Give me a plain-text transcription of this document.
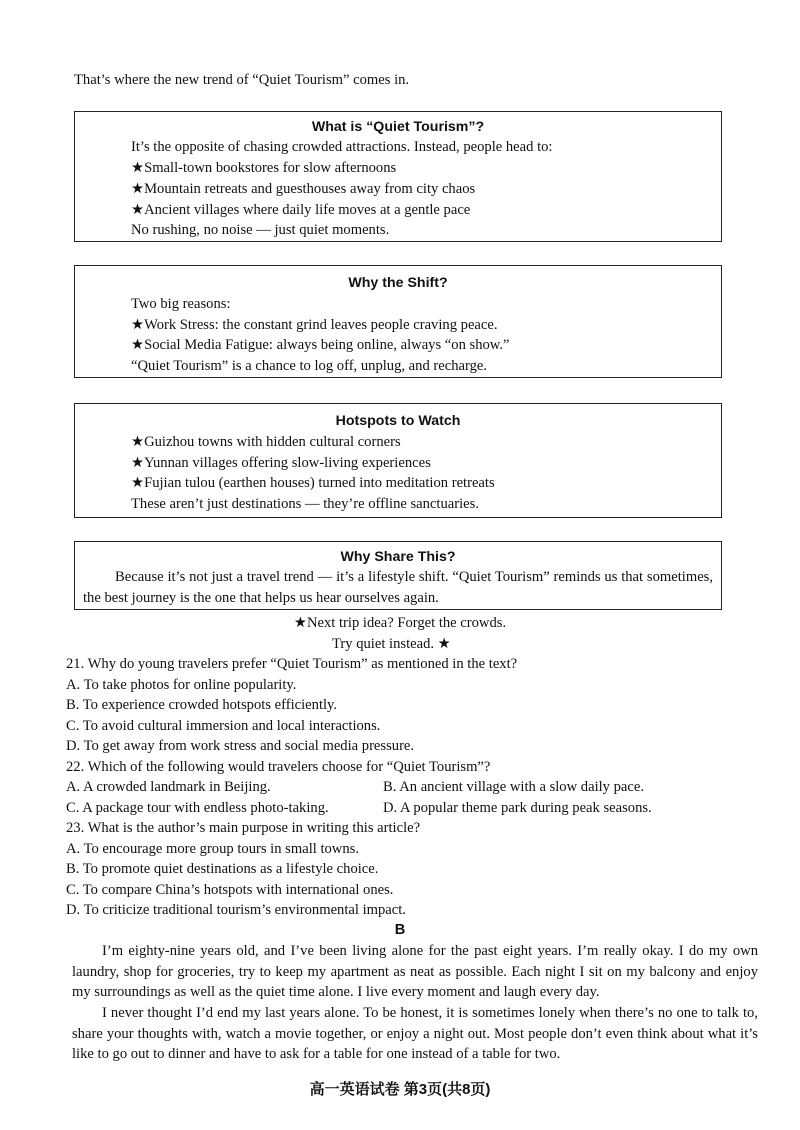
That’s where the new trend of “Quiet Tourism” comes in.
What is “Quiet Tourism”?
It’s the opposite of chasing crowded attractions. Instead, people head to:
★Small-town bookstores for slow afternoons
★Mountain retreats and guesthouses away from city chaos
★Ancient villages where daily life moves at a gentle pace
No rushing, no noise — just quiet moments.
Why the Shift?
Two big reasons:
★Work Stress: the constant grind leaves people craving peace.
★Social Media Fatigue: always being online, always “on show.”
“Quiet Tourism” is a chance to log off, unplug, and recharge.
Hotspots to Watch
★Guizhou towns with hidden cultural corners
★Yunnan villages offering slow-living experiences
★Fujian tulou (earthen houses) turned into meditation retreats
These aren’t just destinations — they’re offline sanctuaries.
Why Share This?
Because it’s not just a travel trend — it’s a lifestyle shift. “Quiet Tourism” reminds us that sometimes, the best journey is the one that helps us hear ourselves again.
★Next trip idea? Forget the crowds.
Try quiet instead. ★
21. Why do young travelers prefer “Quiet Tourism” as mentioned in the text?
A. To take photos for online popularity.
B. To experience crowded hotspots efficiently.
C. To avoid cultural immersion and local interactions.
D. To get away from work stress and social media pressure.
22. Which of the following would travelers choose for “Quiet Tourism”?
A. A crowded landmark in Beijing.	B. An ancient village with a slow daily pace.
C. A package tour with endless photo-taking.	D. A popular theme park during peak seasons.
23. What is the author’s main purpose in writing this article?
A. To encourage more group tours in small towns.
B. To promote quiet destinations as a lifestyle choice.
C. To compare China’s hotspots with international ones.
D. To criticize traditional tourism’s environmental impact.
B
I’m eighty-nine years old, and I’ve been living alone for the past eight years. I’m really okay. I do my own laundry, shop for groceries, try to keep my apartment as neat as possible. Each night I sit on my balcony and enjoy my surroundings as well as the quiet time alone. I live every moment and laugh every day.
I never thought I’d end my last years alone. To be honest, it is sometimes lonely when there’s no one to talk to, share your thoughts with, watch a movie together, or enjoy a night out. Most people don’t even think about what it’s like to go out to dinner and have to ask for a table for one instead of a table for two.
高一英语试卷 第3页(共8页)
